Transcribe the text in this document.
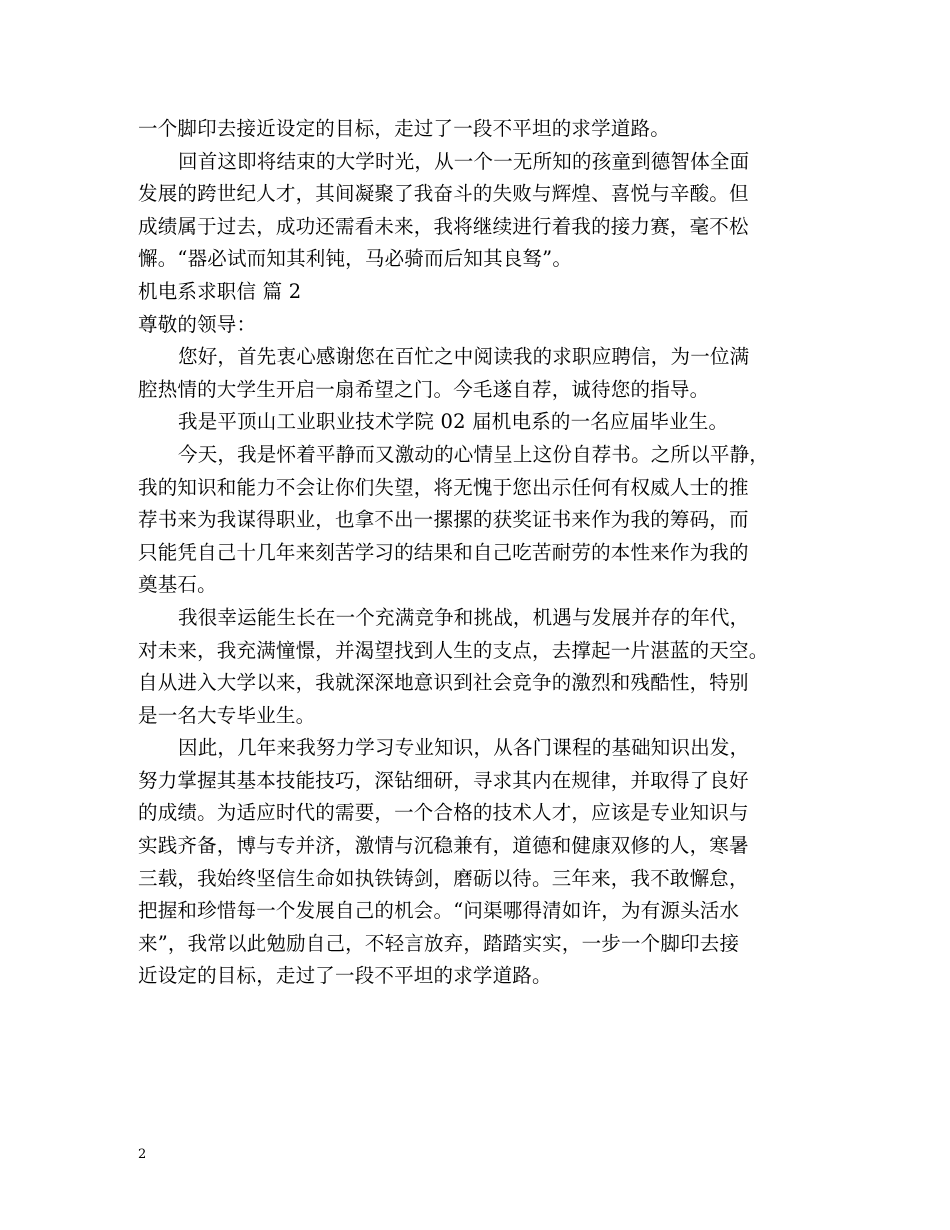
一个脚印去接近设定的目标，走过了一段不平坦的求学道路。
回首这即将结束的大学时光，从一个一无所知的孩童到德智体全面
发展的跨世纪人才，其间凝聚了我奋斗的失败与辉煌、喜悦与辛酸。但
成绩属于过去，成功还需看未来，我将继续进行着我的接力赛，毫不松
懈。“器必试而知其利钝，马必骑而后知其良驽”。
机电系求职信 篇 2
尊敬的领导：
您好，首先衷心感谢您在百忙之中阅读我的求职应聘信，为一位满
腔热情的大学生开启一扇希望之门。今毛遂自荐，诚待您的指导。
我是平顶山工业职业技术学院 02 届机电系的一名应届毕业生。
今天，我是怀着平静而又激动的心情呈上这份自荐书。之所以平静，
我的知识和能力不会让你们失望，将无愧于您出示任何有权威人士的推
荐书来为我谋得职业，也拿不出一摞摞的获奖证书来作为我的筹码，而
只能凭自己十几年来刻苦学习的结果和自己吃苦耐劳的本性来作为我的
奠基石。
我很幸运能生长在一个充满竞争和挑战，机遇与发展并存的年代，
对未来，我充满憧憬，并渴望找到人生的支点，去撑起一片湛蓝的天空。
自从进入大学以来，我就深深地意识到社会竞争的激烈和残酷性，特别
是一名大专毕业生。
因此，几年来我努力学习专业知识，从各门课程的基础知识出发，
努力掌握其基本技能技巧，深钻细研，寻求其内在规律，并取得了良好
的成绩。为适应时代的需要，一个合格的技术人才，应该是专业知识与
实践齐备，博与专并济，激情与沉稳兼有，道德和健康双修的人，寒暑
三载，我始终坚信生命如执铁铸剑，磨砺以待。三年来，我不敢懈怠，
把握和珍惜每一个发展自己的机会。“问渠哪得清如许，为有源头活水
来”，我常以此勉励自己，不轻言放弃，踏踏实实，一步一个脚印去接
近设定的目标，走过了一段不平坦的求学道路。
2
